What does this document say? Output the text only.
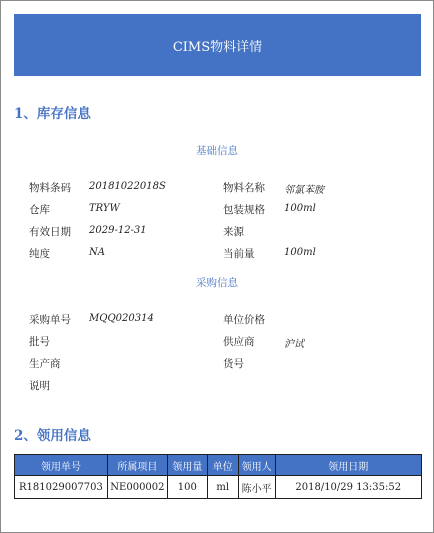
CIMS物料详情
1、库存信息
基础信息
物料条码 20181022018S	物料名称 邻氯苯胺
仓库	TRYW	包装规格 100ml
有效日期 2029-12-31	来源
纯度	NA	当前量	100ml
采购信息
采购单号 MQQ020314	单位价格
批号	供应商	沪试
生产商	货号
说明
2、领用信息
领用单号	所属项目	领用量	单位	领用人	领用日期
R181029007703	NE000002	100	ml	陈小平	2018/10/29 13:35:52
